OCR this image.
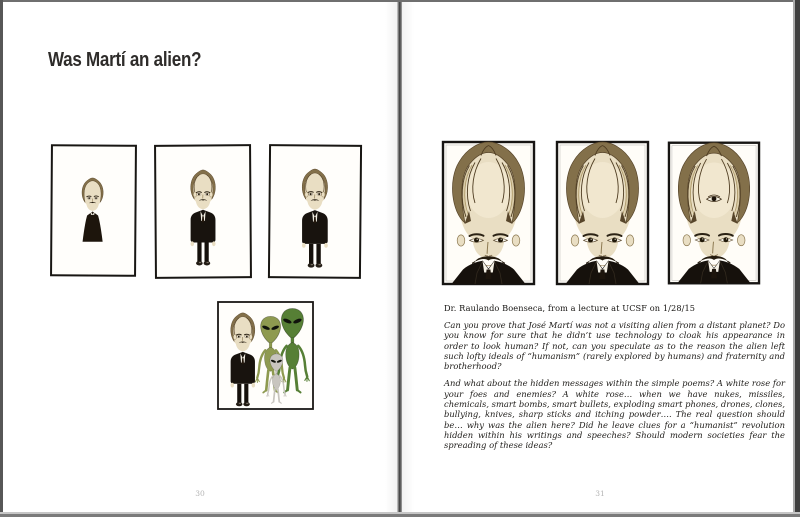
Was Martí an alien?
30
Dr. Raulando Boenseca, from a lecture at UCSF on 1/28/15

Can you prove that José Martí was not a visiting alien from a distant planet? Do you know for sure that he didn’t use technology to cloak his appearance in order to look human? If not, can you speculate as to the reason the alien left such lofty ideals of “humanism” (rarely explored by humans) and fraternity and brotherhood?

And what about the hidden messages within the simple poems? A white rose for your foes and enemies? A white rose… when we have nukes, missiles, chemicals, smart bombs, smart bullets, exploding smart phones, drones, clones, bullying, knives, sharp sticks and itching powder…. The real question should be… why was the alien here? Did he leave clues for a “humanist” revolution hidden within his writings and speeches? Should modern societies fear the spreading of these ideas?

31
